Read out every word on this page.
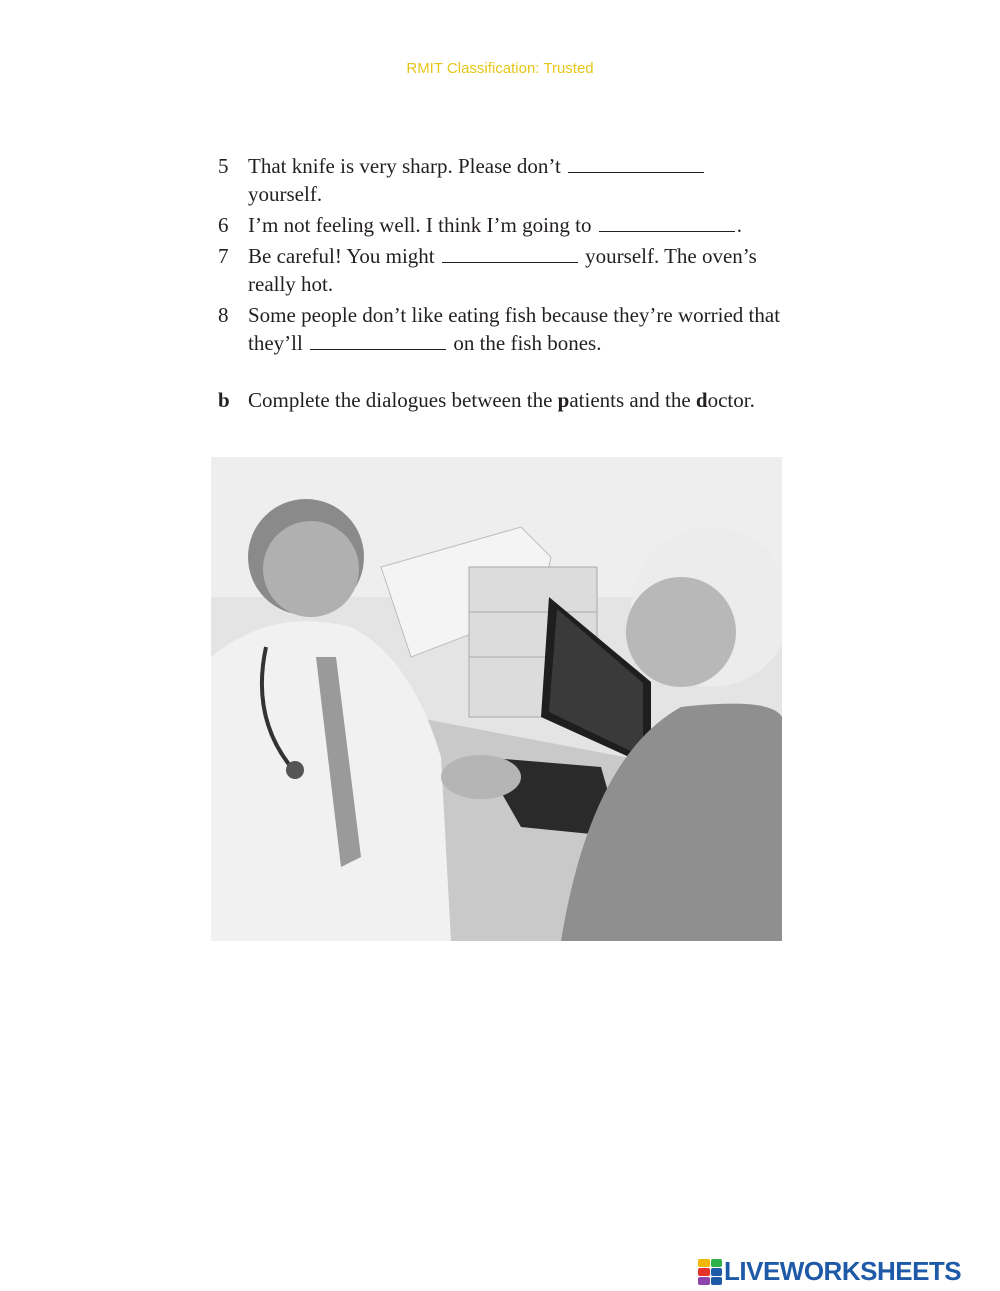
RMIT Classification: Trusted
5 That knife is very sharp. Please don’t
yourself.
6 I’m not feeling well. I think I’m going to	.
7 Be careful! You might	yourself. The oven’s really hot.
8 Some people don’t like eating fish because they’re worried that they’ll	on the fish bones.
b Complete the dialogues between the patients and the doctor.
LIVEWORKSHEETS
